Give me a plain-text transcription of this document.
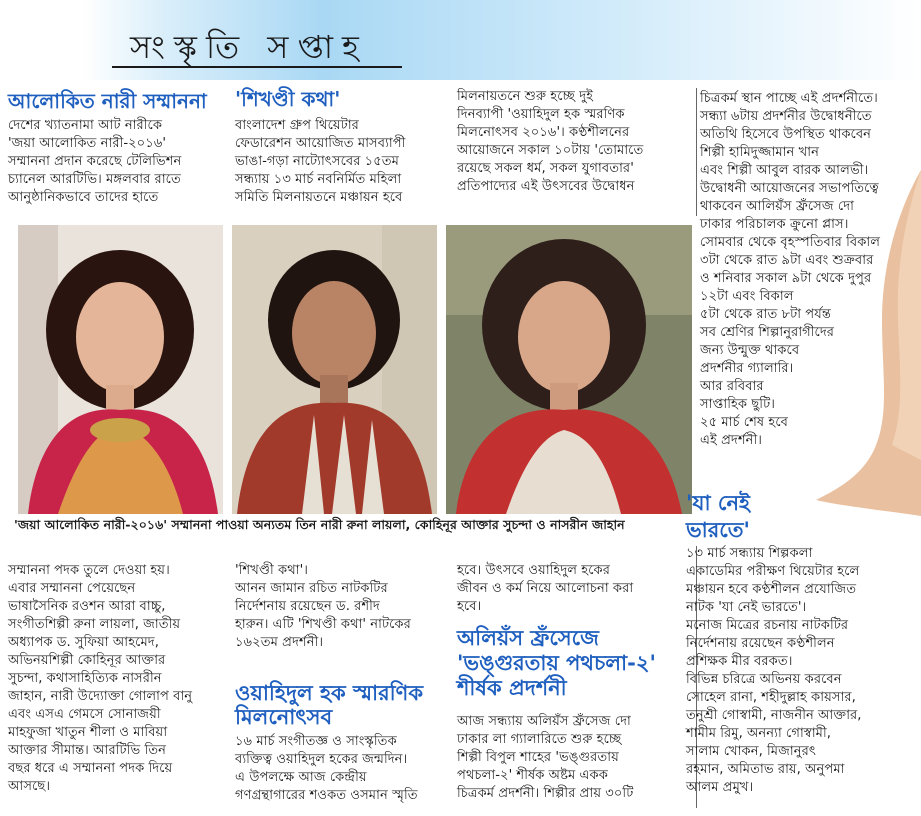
সংস্কৃতি সপ্তাহ
আলোকিত নারী সম্মাননা
দেশের খ্যাতনামা আট নারীকে
'জয়া আলোকিত নারী-২০১৬'
সম্মাননা প্রদান করেছে টেলিভিশন
চ্যানেল আরটিভি। মঙ্গলবার রাতে
আনুষ্ঠানিকভাবে তাদের হাতে
'শিখণ্ডী কথা'
বাংলাদেশ গ্রুপ থিয়েটার
ফেডারেশন আয়োজিত মাসব্যাপী
ভাঙা-গড়া নাট্যোৎসবের ১৫তম
সন্ধ্যায় ১৩ মার্চ নবনির্মিত মহিলা
সমিতি মিলনায়তনে মঞ্চায়ন হবে
মিলনায়তনে শুরু হচ্ছে দুই
দিনব্যাপী 'ওয়াহিদুল হক স্মরণিক
মিলনোৎসব ২০১৬'। কণ্ঠশীলনের
আয়োজনে সকাল ১০টায় 'তোমাতে
রয়েছে সকল ধর্ম, সকল যুগাবতার'
প্রতিপাদ্যের এই উৎসবের উদ্বোধন
চিত্রকর্ম স্থান পাচ্ছে এই প্রদর্শনীতে।
সন্ধ্যা ৬টায় প্রদর্শনীর উদ্বোধনীতে
অতিথি হিসেবে উপস্থিত থাকবেন
শিল্পী হামিদুজ্জামান খান
এবং শিল্পী আবুল বারক আলভী।
উদ্বোধনী আয়োজনের সভাপতিত্বে
থাকবেন আলিয়ঁস ফ্রঁসেজ দো
ঢাকার পরিচালক ক্রুনো প্লাস।
সোমবার থেকে বৃহস্পতিবার বিকাল
৩টা থেকে রাত ৯টা এবং শুক্রবার
ও শনিবার সকাল ৯টা থেকে দুপুর
১২টা এবং বিকাল
৫টা থেকে রাত ৮টা পর্যন্ত
সব শ্রেণির শিল্পানুরাগীদের
জন্য উন্মুক্ত থাকবে
প্রদর্শনীর গ্যালারি।
আর রবিবার
সাপ্তাহিক ছুটি।
২৫ মার্চ শেষ হবে
এই প্রদর্শনী।
'জয়া আলোকিত নারী-২০১৬' সম্মাননা পাওয়া অন্যতম তিন নারী রুনা লায়লা, কোহিনূর আক্তার সুচন্দা ও নাসরীন জাহান
সম্মাননা পদক তুলে দেওয়া হয়।
এবার সম্মাননা পেয়েছেন
ভাষাসৈনিক রওশন আরা বাচ্চু,
সংগীতশিল্পী রুনা লায়লা, জাতীয়
অধ্যাপক ড. সুফিয়া আহমেদ,
অভিনয়শিল্পী কোহিনূর আক্তার
সুচন্দা, কথাসাহিত্যিক নাসরীন
জাহান, নারী উদ্যোক্তা গোলাপ বানু
এবং এসএ গেমসে সোনাজয়ী
মাহফুজা খাতুন শীলা ও মাবিয়া
আক্তার সীমান্ত। আরটিভি তিন
বছর ধরে এ সম্মাননা পদক দিয়ে
আসছে।
'শিখণ্ডী কথা'।
আনন জামান রচিত নাটকটির
নির্দেশনায় রয়েছেন ড. রশীদ
হারুন। এটি 'শিখণ্ডী কথা' নাটকের
১৬২তম প্রদর্শনী।
ওয়াহিদুল হক স্মারণিক
মিলনোৎসব
১৬ মার্চ সংগীতজ্ঞ ও সাংস্কৃতিক
ব্যক্তিত্ব ওয়াহিদুল হকের জন্মদিন।
এ উপলক্ষে আজ কেন্দ্রীয়
গণগ্রন্থাগারের শওকত ওসমান স্মৃতি
হবে। উৎসবে ওয়াহিদুল হকের
জীবন ও কর্ম নিয়ে আলোচনা করা
হবে।
অলিয়ঁস ফ্রঁসেজে
'ভঙ্গুরতায় পথচলা-২'
শীর্ষক প্রদর্শনী
আজ সন্ধ্যায় অলিয়ঁস ফ্রঁসেজ দো
ঢাকার লা গ্যালারিতে শুরু হচ্ছে
শিল্পী বিপুল শাহের 'ভঙ্গুরতায়
পথচলা-২' শীর্ষক অষ্টম একক
চিত্রকর্ম প্রদর্শনী। শিল্পীর প্রায় ৩০টি
'যা নেই
ভারতে'
১৩ মার্চ সন্ধ্যায় শিল্পকলা
একাডেমির পরীক্ষণ থিয়েটার হলে
মঞ্চায়ন হবে কণ্ঠশীলন প্রযোজিত
নাটক 'যা নেই ভারতে'।
মনোজ মিত্রের রচনায় নাটকটির
নির্দেশনায় রয়েছেন কণ্ঠশীলন
প্রশিক্ষক মীর বরকত।
বিভিন্ন চরিত্রে অভিনয় করবেন
সোহেল রানা, শহীদুল্লাহ কায়সার,
তনুশ্রী গোস্বামী, নাজনীন আক্তার,
শামীম রিমু, অনন্যা গোস্বামী,
সালাম খোকন, মিজানুরৎ
রহমান, অমিতাভ রায়, অনুপমা
আলম প্রমুখ।
